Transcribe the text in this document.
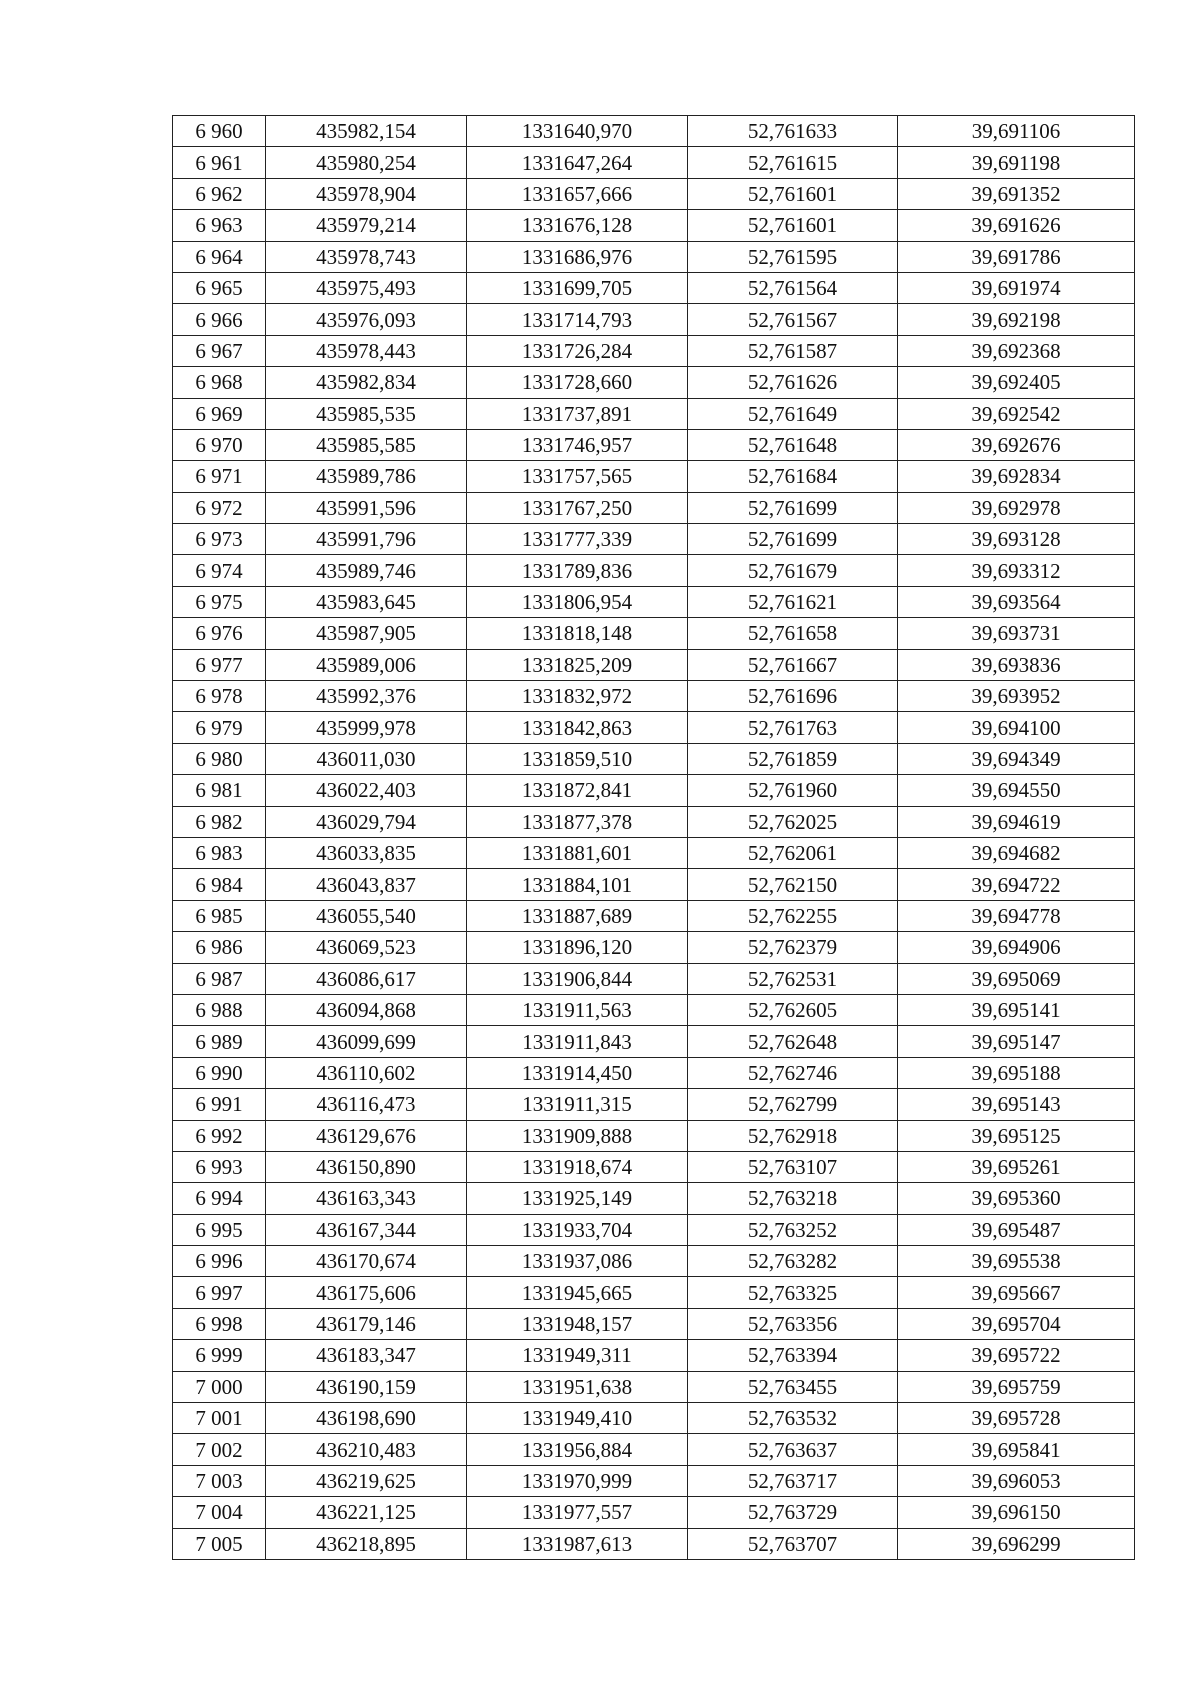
6 960	435982,154	1331640,970	52,761633	39,691106
6 961	435980,254	1331647,264	52,761615	39,691198
6 962	435978,904	1331657,666	52,761601	39,691352
6 963	435979,214	1331676,128	52,761601	39,691626
6 964	435978,743	1331686,976	52,761595	39,691786
6 965	435975,493	1331699,705	52,761564	39,691974
6 966	435976,093	1331714,793	52,761567	39,692198
6 967	435978,443	1331726,284	52,761587	39,692368
6 968	435982,834	1331728,660	52,761626	39,692405
6 969	435985,535	1331737,891	52,761649	39,692542
6 970	435985,585	1331746,957	52,761648	39,692676
6 971	435989,786	1331757,565	52,761684	39,692834
6 972	435991,596	1331767,250	52,761699	39,692978
6 973	435991,796	1331777,339	52,761699	39,693128
6 974	435989,746	1331789,836	52,761679	39,693312
6 975	435983,645	1331806,954	52,761621	39,693564
6 976	435987,905	1331818,148	52,761658	39,693731
6 977	435989,006	1331825,209	52,761667	39,693836
6 978	435992,376	1331832,972	52,761696	39,693952
6 979	435999,978	1331842,863	52,761763	39,694100
6 980	436011,030	1331859,510	52,761859	39,694349
6 981	436022,403	1331872,841	52,761960	39,694550
6 982	436029,794	1331877,378	52,762025	39,694619
6 983	436033,835	1331881,601	52,762061	39,694682
6 984	436043,837	1331884,101	52,762150	39,694722
6 985	436055,540	1331887,689	52,762255	39,694778
6 986	436069,523	1331896,120	52,762379	39,694906
6 987	436086,617	1331906,844	52,762531	39,695069
6 988	436094,868	1331911,563	52,762605	39,695141
6 989	436099,699	1331911,843	52,762648	39,695147
6 990	436110,602	1331914,450	52,762746	39,695188
6 991	436116,473	1331911,315	52,762799	39,695143
6 992	436129,676	1331909,888	52,762918	39,695125
6 993	436150,890	1331918,674	52,763107	39,695261
6 994	436163,343	1331925,149	52,763218	39,695360
6 995	436167,344	1331933,704	52,763252	39,695487
6 996	436170,674	1331937,086	52,763282	39,695538
6 997	436175,606	1331945,665	52,763325	39,695667
6 998	436179,146	1331948,157	52,763356	39,695704
6 999	436183,347	1331949,311	52,763394	39,695722
7 000	436190,159	1331951,638	52,763455	39,695759
7 001	436198,690	1331949,410	52,763532	39,695728
7 002	436210,483	1331956,884	52,763637	39,695841
7 003	436219,625	1331970,999	52,763717	39,696053
7 004	436221,125	1331977,557	52,763729	39,696150
7 005	436218,895	1331987,613	52,763707	39,696299
